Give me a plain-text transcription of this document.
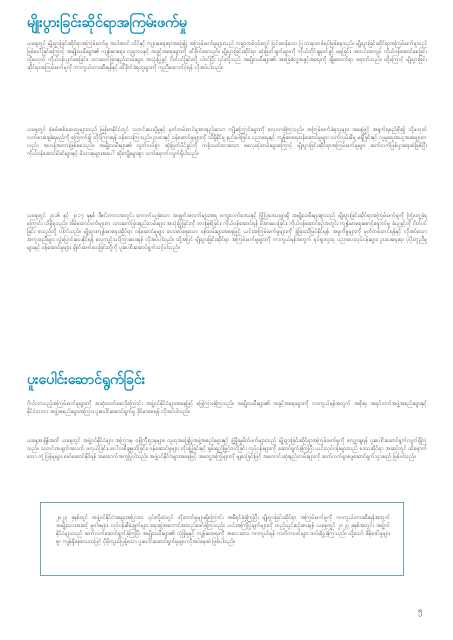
မျိုးပွားခြင်းဆိုင်ရာအကြမ်းဖက်မှု

ယနေ့တွင် မျိုးပွားခြင်းဆိုင်ရာအကြမ်းဖက်မှု အပါအဝင် လိင်နှင့် ကျားမရေးရာအခြေပြု အကြမ်းဖက်မှုများသည် ကမ္ဘာတစ်ဝှမ်းတွင် ပြင်းထန်သော ပြဿနာတစ်ရပ်ဖြစ်နေသည်။ မျိုးပွားခြင်းဆိုင်ရာအကြမ်းဖက်မှုသည် ဖြစ်ပေါ်ခြင်းကြောင့် အမျိုးသမီးများ၏ ကျန်းမာရေး၊ လူမှုဘဝနှင့် အခွင့်အရေးများကို ထိခိုက်စေသည်။ မျိုးပွားခြင်းဆိုင်ရာ ဆုံးဖြတ်ချက်များကို ကိုယ်တိုင်ချမှတ်ခွင့် မရခြင်း၊ အတင်းအကျပ် ကိုယ်ဝန်ဆောင်စေခြင်း သို့မဟုတ် ကိုယ်ဝန်ပျက်စေခြင်း၊ သားဆက်ခြားနည်းလမ်းများ အသုံးပြုခွင့် ပိတ်ပင်ခြင်းတို့ ပါဝင်ပြီး ၎င်းတို့သည် အမျိုးသမီးများ၏ အခြေခံလူ့အခွင့်အရေးကို ချိုးဖောက်ရာ ရောက်သည်။ ထို့ကြောင့် မျိုးပွားခြင်းဆိုင်ရာအကြမ်းဖက်မှုကို ကာကွယ်တားဆီးရန်နှင့် ထိခိုက်ခံရသူများကို ကူညီထောက်ပံ့ရန် လိုအပ်ပါသည်။

ယနေ့တွင် စုံစမ်းစစ်ဆေးသူများသည် မြန်မာနိုင်ငံတွင် သတင်းပေးပို့မှုနှင့် မှတ်တမ်းတင်မှုအားနည်းသော ကျိုးကြောင်းများကို လေ့လာခဲ့ကြသည်။ အကြမ်းဖက်ခံရသူများ အနေဖြင့် အရှက်ရမည်စိုး၍ သို့မဟုတ် လက်စားချေခံရမည်ကို ကြောက်၍ တိုင်ကြားရန် ဝန်လေးကြသည်။ ဥပဒေနှင့် ဝန်ဆောင်မှုများကို သိရှိနိုင်မှု နည်းပါးခြင်း၊ ပညာရေးနှင့် ကျန်းမာရေးဝန်ဆောင်မှုများ လက်လှမ်းမီမှု မရှိခြင်းနှင့် လူမှုရေးအယူအဆများကလည်း အဟန့်အတားဖြစ်စေသည်။ အမျိုးသမီးများ၏ လွတ်လပ်စွာ ဆုံးဖြတ်ပိုင်ခွင့်ကို ကန့်သတ်ထားသော ဓလေ့ထုံးတမ်းများကြောင့် မျိုးပွားခြင်းဆိုင်ရာအကြမ်းဖက်မှုများ ဆက်လက်ဖြစ်ပွားနေဆဲဖြစ်ပြီး ကိုယ်ဝန်ဆောင်မိခင်များနှင့် မိသားစုများအပေါ် ဆိုးကျိုးများစွာ သက်ရောက်လျက်ရှိပါသည်။

ယနေ့တွင် ၂၀၁၆ နှင့် ၂၀၁၇ ခုနှစ် ဒီဇင်ဘာလအတွင်း ကောက်ယူခဲ့သော အချက်အလက်များအရ ကျေးလက်ဒေသနှင့် မြို့ပြဒေသများရှိ အမျိုးသမီးများစွာသည် မျိုးပွားခြင်းဆိုင်ရာအကြမ်းဖက်မှုကို ကြုံတွေ့ခဲ့ရကြောင်း သိရှိရသည်။ အိမ်ထောင်ဖက်များက သားဆက်ခြားနည်းလမ်းများ အသုံးပြုခြင်းကို တားမြစ်ခြင်း၊ ကိုယ်ဝန်ဆောင်ရန် ဖိအားပေးခြင်း၊ ကိုယ်ဝန်ဆောင်စဉ်အတွင်း ကျန်းမာရေးစောင့်ရှောက်မှု ခံယူခွင့်ကို ပိတ်ပင်ခြင်း စသည်တို့ ပါဝင်သည်။ မျိုးပွားကျန်းမာရေးဆိုင်ရာ ဝန်ဆောင်မှုများ ပေးအပ်နေသော ဝန်ထမ်းများအနေဖြင့် ယင်းအကြမ်းဖက်မှုများကို ခွဲခြားသိမြင်နိုင်ရန်၊ အမှုကိစ္စများကို မှတ်တမ်းတင်ရန်နှင့် လိုအပ်သော အကူအညီများ လွှဲပြောင်းပေးနိုင်ရန် လေ့ကျင့်သင်ကြားပေးရန် လိုအပ်ပါသည်။ ထို့အပြင် မျိုးပွားခြင်းဆိုင်ရာ အကြမ်းဖက်မှုများကို ကာကွယ်ရန်အတွက် ရပ်ရွာလူထု ပညာပေးလုပ်ငန်းများ၊ ဥပဒေရေးရာ ပံ့ပိုးကူညီမှုများနှင့် ဝန်ဆောင်မှုများ ချိတ်ဆက်ပေးခြင်းတို့ကို ပူးပေါင်းဆောင်ရွက်သင့်ပါသည်။

ပူးပေါင်းဆောင်ရွက်ခြင်း

ဂိုလ်လာသည့်အကြမ်းဖက်မှုများကို အဆုံးသတ်စေလိုကြောင်း အဖွဲ့ဝင်နိုင်ငံများအနေဖြင့် ဖြေကြားခဲ့ကြသည်။ အမျိုးသမီးများ၏ အခွင့်အရေးများကို ကာကွယ်ရန်အတွက် အစိုးရ၊ အရပ်ဘက်အဖွဲ့အစည်းများနှင့် နိုင်ငံတကာ အဖွဲ့အစည်းများအကြား ပူးပေါင်းဆောင်ရွက်မှု ခိုင်မာစေရန် လိုအပ်ပါသည်။

ယနေ့အချိန်အထိ ယနေ့တွင် အဖွဲ့ဝင်နိုင်ငံများ အကြားမှ ဝန်ကြီးဌာနများ၊ လူထုအခြေပြုအဖွဲ့အစည်းများနှင့် ဖွံ့ဖြိုးမှုမိတ်ဖက်များသည် မျိုးပွားခြင်းဆိုင်ရာအကြမ်းဖက်မှုကို လျှော့ချရန် ပူးပေါင်းဆောင်ရွက်လျက်ရှိကြသည်။ သတင်းအချက်အလက် ဖလှယ်ခြင်း၊ ပေါ်လစီချမှတ်ခြင်း၊ ဝန်ဆောင်မှုများ တိုးချဲ့ခြင်းနှင့် စွမ်းရည်မြှင့်တင်ခြင်း လုပ်ငန်းများကို ဆောင်ရွက်ခဲ့ကြပြီး ယင်းလုပ်ငန်းများသည် ဒေသဆိုင်ရာ အဆင့်တွင် ထိရောက်သော တုံ့ပြန်မှုများ ဖော်ဆောင်နိုင်ရန် အထောက်အကူပြုပါသည်။ အဖွဲ့ဝင်နိုင်ငံများအနေဖြင့် အတွေ့အကြုံများကို မျှဝေခြင်းဖြင့် အကောင်းဆုံးနည်းလမ်းများကို ဆက်လက်ရှာဖွေဆောင်ရွက်သွားမည် ဖြစ်ပါသည်။

၂၀၂၃ ခုနှစ်တွင် အဖွဲ့ဝင်နိုင်ငံအများအပြားက ၎င်းတို့ထံတွင် တိုးတက်မှုများရှိကြောင်း အစီရင်ခံခဲ့ကြပြီး မျိုးပွားခြင်းဆိုင်ရာ အကြမ်းဖက်မှုကို ကာကွယ်တားဆီးရန်အတွက် အမျိုးသားအဆင့် မူဝါဒများ၊ လုပ်ငန်းစီမံချက်များ ရေးဆွဲအကောင်အထည်ဖော်ခဲ့ကြသည်။ ယင်းအကြံပြုချက်များကို ထည့်သွင်းစဉ်းစားရန် ယနေ့တွင် ၂၀၂၃ ခုနှစ်အတွင်း အဖွဲ့ဝင်နိုင်ငံများသည် ဆက်လက်ဆောင်ရွက်ခဲ့ကြပြီး အမျိုးသမီးများ၏ လုံခြုံမှုနှင့် ကျန်းမာရေးကို အလေးထား ကာကွယ်ရန် ကတိကဝတ်များ ထပ်မံပြုခဲ့ကြသည်။ သို့သော် စိန်ခေါ်မှုများစွာ ကျန်ရှိနေသေးသဖြင့် ပိုမိုကျယ်ပြန့်သော ပူးပေါင်းဆောင်ရွက်မှုများ လိုအပ်နေဆဲ ဖြစ်ပါသည်။

၅
